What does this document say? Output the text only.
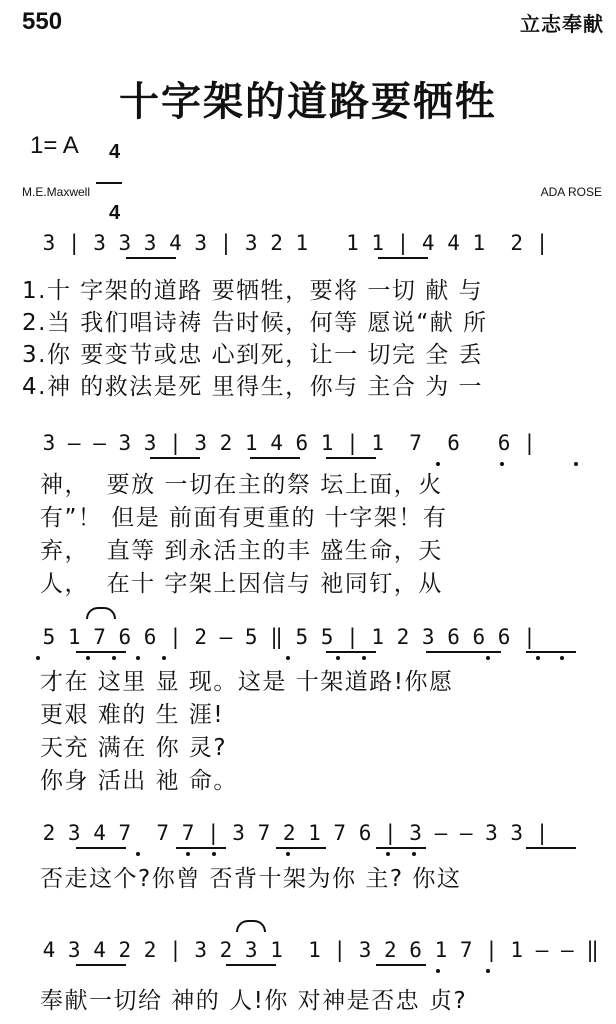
550	立志奉献
十字架的道路要牺牲
1= A	4

4

M.E.Maxwell	ADA ROSE
3 | 3 3 3 4 3 | 3 2 1   1 1 | 4 4 1  2 |
1.十 字架的道路 要牺牲，要将 一切 献 与
2.当 我们唱诗祷 告时候，何等 愿说“献 所
3.你 要变节或忠 心到死，让一 切完 全 丢
4.神 的救法是死 里得生，你与 主合 为 一
3 — — 3 3 | 3 2 1 4 6 1 | 1  7  6   6 |
神，  要放 一切在主的祭 坛上面，火
有”！ 但是 前面有更重的 十字架！有
弃，  直等 到永活主的丰 盛生命，天
人，  在十 字架上因信与 祂同钉，从
5 1 7 6 6 | 2 — 5 ‖ 5 5 | 1 2 3 6 6 6 |
才在 这里 显 现。这是 十架道路!你愿
更艰 难的 生 涯!
天充 满在 你 灵?
你身 活出 祂 命。
2 3 4 7  7 7 | 3 7 2 1 7 6 | 3 — — 3 3 |
否走这个?你曾 否背十架为你 主? 你这
4 3 4 2 2 | 3 2 3 1  1 | 3 2 6 1 7 | 1 — — ‖
奉献一切给 神的 人!你 对神是否忠 贞?
